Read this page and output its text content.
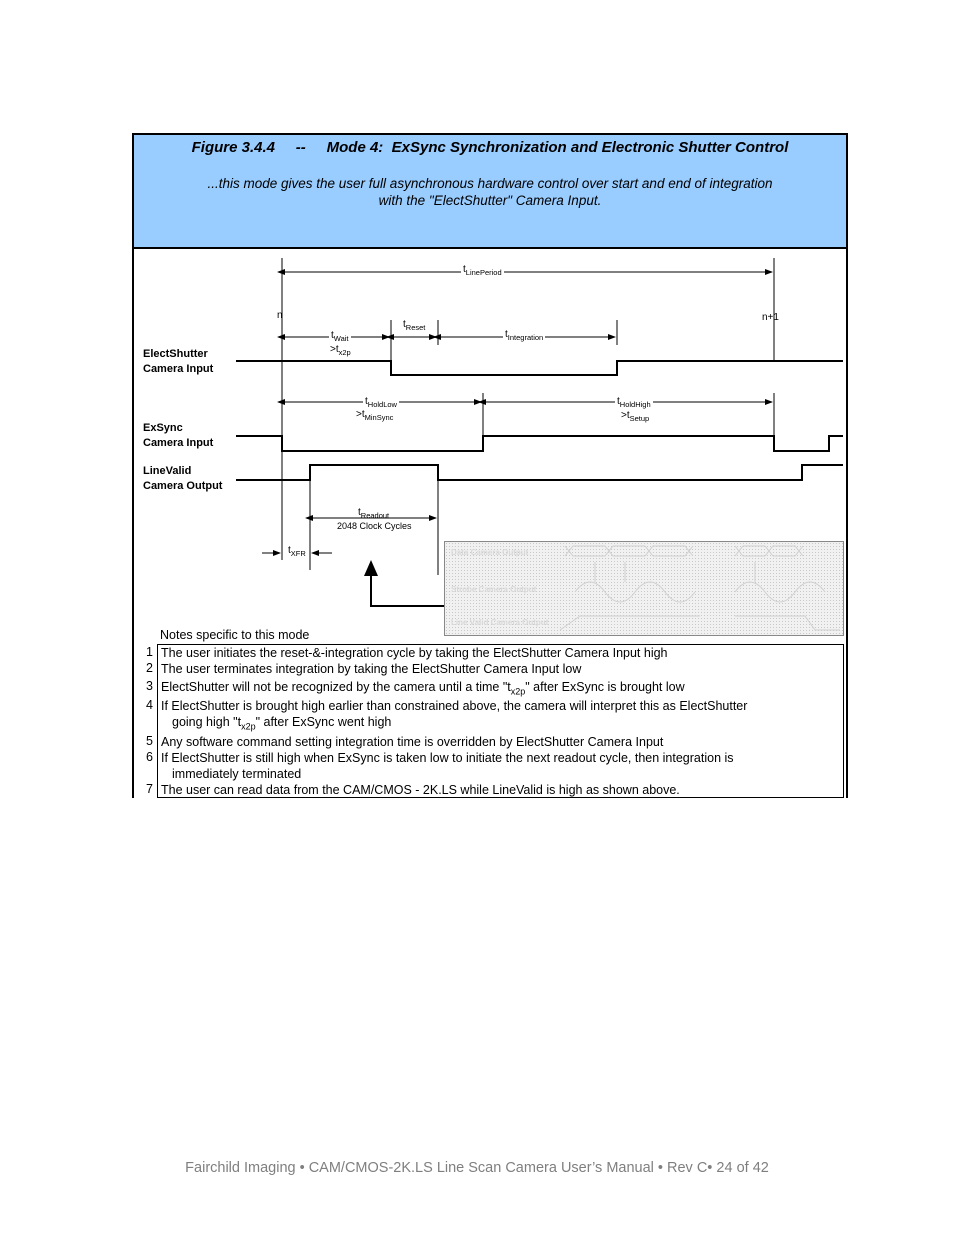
Figure 3.4.4     --     Mode 4:  ExSync Synchronization and Electronic Shutter Control
...this mode gives the user full asynchronous hardware control over start and end of integration
with the "ElectShutter" Camera Input.
ElectShutter
Camera Input
ExSync
Camera Input
LineValid
Camera Output
n	n+1
$t_{LinePeriod}$
$t_{Wait}$
$>t_{x2p}$
$t_{Reset}$
$t_{Integration}$
$t_{HoldLow}$
$>t_{MinSync}$
$t_{HoldHigh}$
$>t_{Setup}$
$t_{Readout}$
2048 Clock Cycles
$t_{XFR}$	Data Camera Output
Strobe Camera Output
Line Valid Camera Output
Notes specific to this mode
1 The user initiates the reset-&-integration cycle by taking the ElectShutter Camera Input high
2 The user terminates integration by taking the ElectShutter Camera Input low
3 ElectShutter will not be recognized by the camera until a time "$t_{x2p}$" after ExSync is brought low
4 If ElectShutter is brought high earlier than constrained above, the camera will interpret this as ElectShutter
going high "$t_{x2p}$" after ExSync went high
5 Any software command setting integration time is overridden by ElectShutter Camera Input
6 If ElectShutter is still high when ExSync is taken low to initiate the next readout cycle, then integration is
immediately terminated
7 The user can read data from the CAM/CMOS - 2K.LS while LineValid is high as shown above.
Fairchild Imaging • CAM/CMOS-2K.LS Line Scan Camera User’s Manual • Rev C• 24 of 42
